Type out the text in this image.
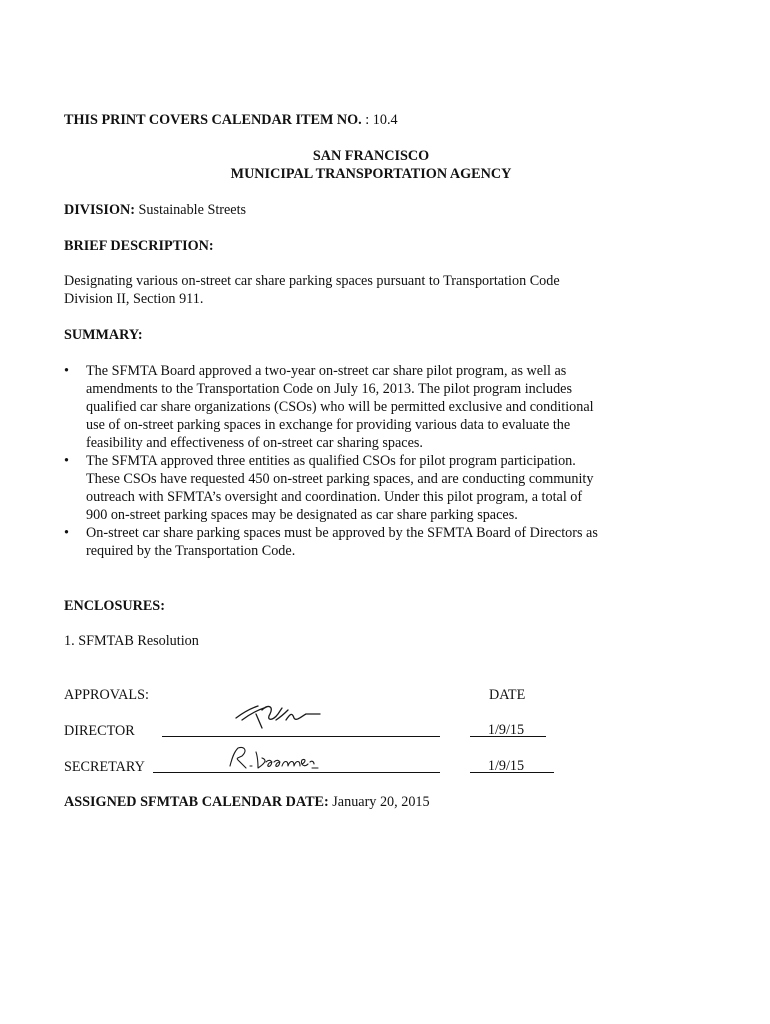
THIS PRINT COVERS CALENDAR ITEM NO. : 10.4
SAN FRANCISCO
MUNICIPAL TRANSPORTATION AGENCY
DIVISION: Sustainable Streets
BRIEF DESCRIPTION:
Designating various on-street car share parking spaces pursuant to Transportation Code
Division II, Section 911.
SUMMARY:
•	The SFMTA Board approved a two-year on-street car share pilot program, as well as
amendments to the Transportation Code on July 16, 2013. The pilot program includes
qualified car share organizations (CSOs) who will be permitted exclusive and conditional
use of on-street parking spaces in exchange for providing various data to evaluate the
feasibility and effectiveness of on-street car sharing spaces.
•	The SFMTA approved three entities as qualified CSOs for pilot program participation.
These CSOs have requested 450 on-street parking spaces, and are conducting community
outreach with SFMTA’s oversight and coordination. Under this pilot program, a total of
900 on-street parking spaces may be designated as car share parking spaces.
•	On-street car share parking spaces must be approved by the SFMTA Board of Directors as
required by the Transportation Code.
ENCLOSURES:
1. SFMTAB Resolution
APPROVALS:	DATE
DIRECTOR	1/9/15
SECRETARY	1/9/15
ASSIGNED SFMTAB CALENDAR DATE: January 20, 2015
